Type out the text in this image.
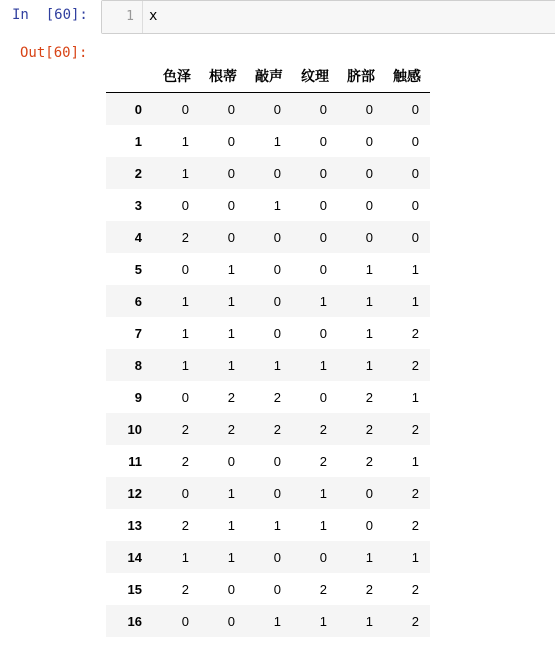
In  [60]:	1 x
Out[60]:
	色泽	根蒂	敲声	纹理	脐部	触感
0	0	0	0	0	0	0
1	1	0	1	0	0	0
2	1	0	0	0	0	0
3	0	0	1	0	0	0
4	2	0	0	0	0	0
5	0	1	0	0	1	1
6	1	1	0	1	1	1
7	1	1	0	0	1	2
8	1	1	1	1	1	2
9	0	2	2	0	2	1
10	2	2	2	2	2	2
11	2	0	0	2	2	1
12	0	1	0	1	0	2
13	2	1	1	1	0	2
14	1	1	0	0	1	1
15	2	0	0	2	2	2
16	0	0	1	1	1	2
